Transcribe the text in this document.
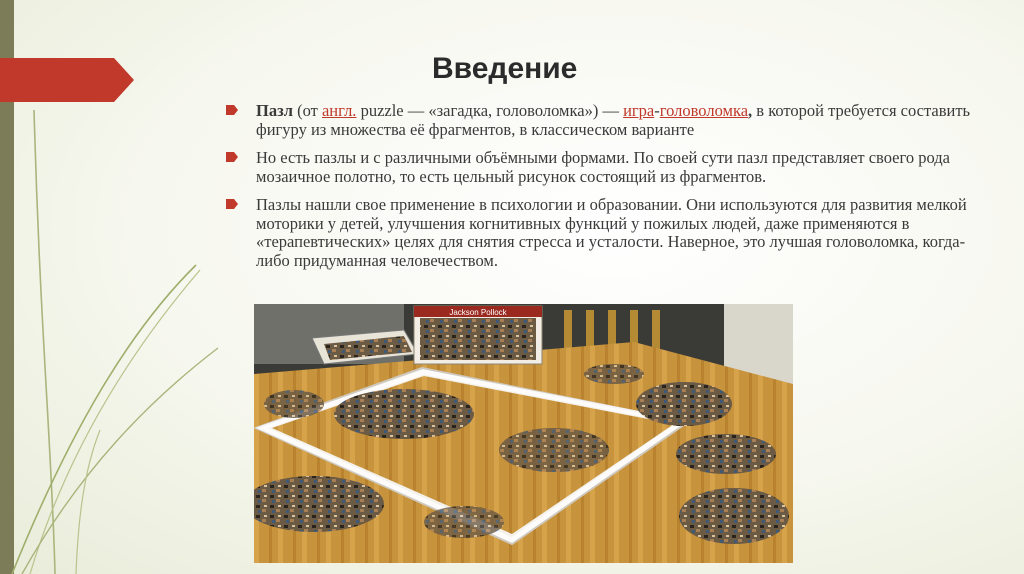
Введение
Пазл (от англ. puzzle — «загадка, головоломка») — игра-головоломка, в которой требуется составить фигуру из множества её фрагментов, в классическом варианте
Но есть пазлы и с различными объёмными формами. По своей сути пазл представляет своего рода мозаичное полотно, то есть цельный рисунок состоящий из фрагментов.
Пазлы нашли свое применение в психологии и образовании. Они используются для развития мелкой моторики у детей, улучшения когнитивных функций у пожилых людей, даже применяются в «терапевтических» целях для снятия стресса и усталости. Наверное, это лучшая головоломка, когда-либо придуманная человечеством.
Jackson Pollock
